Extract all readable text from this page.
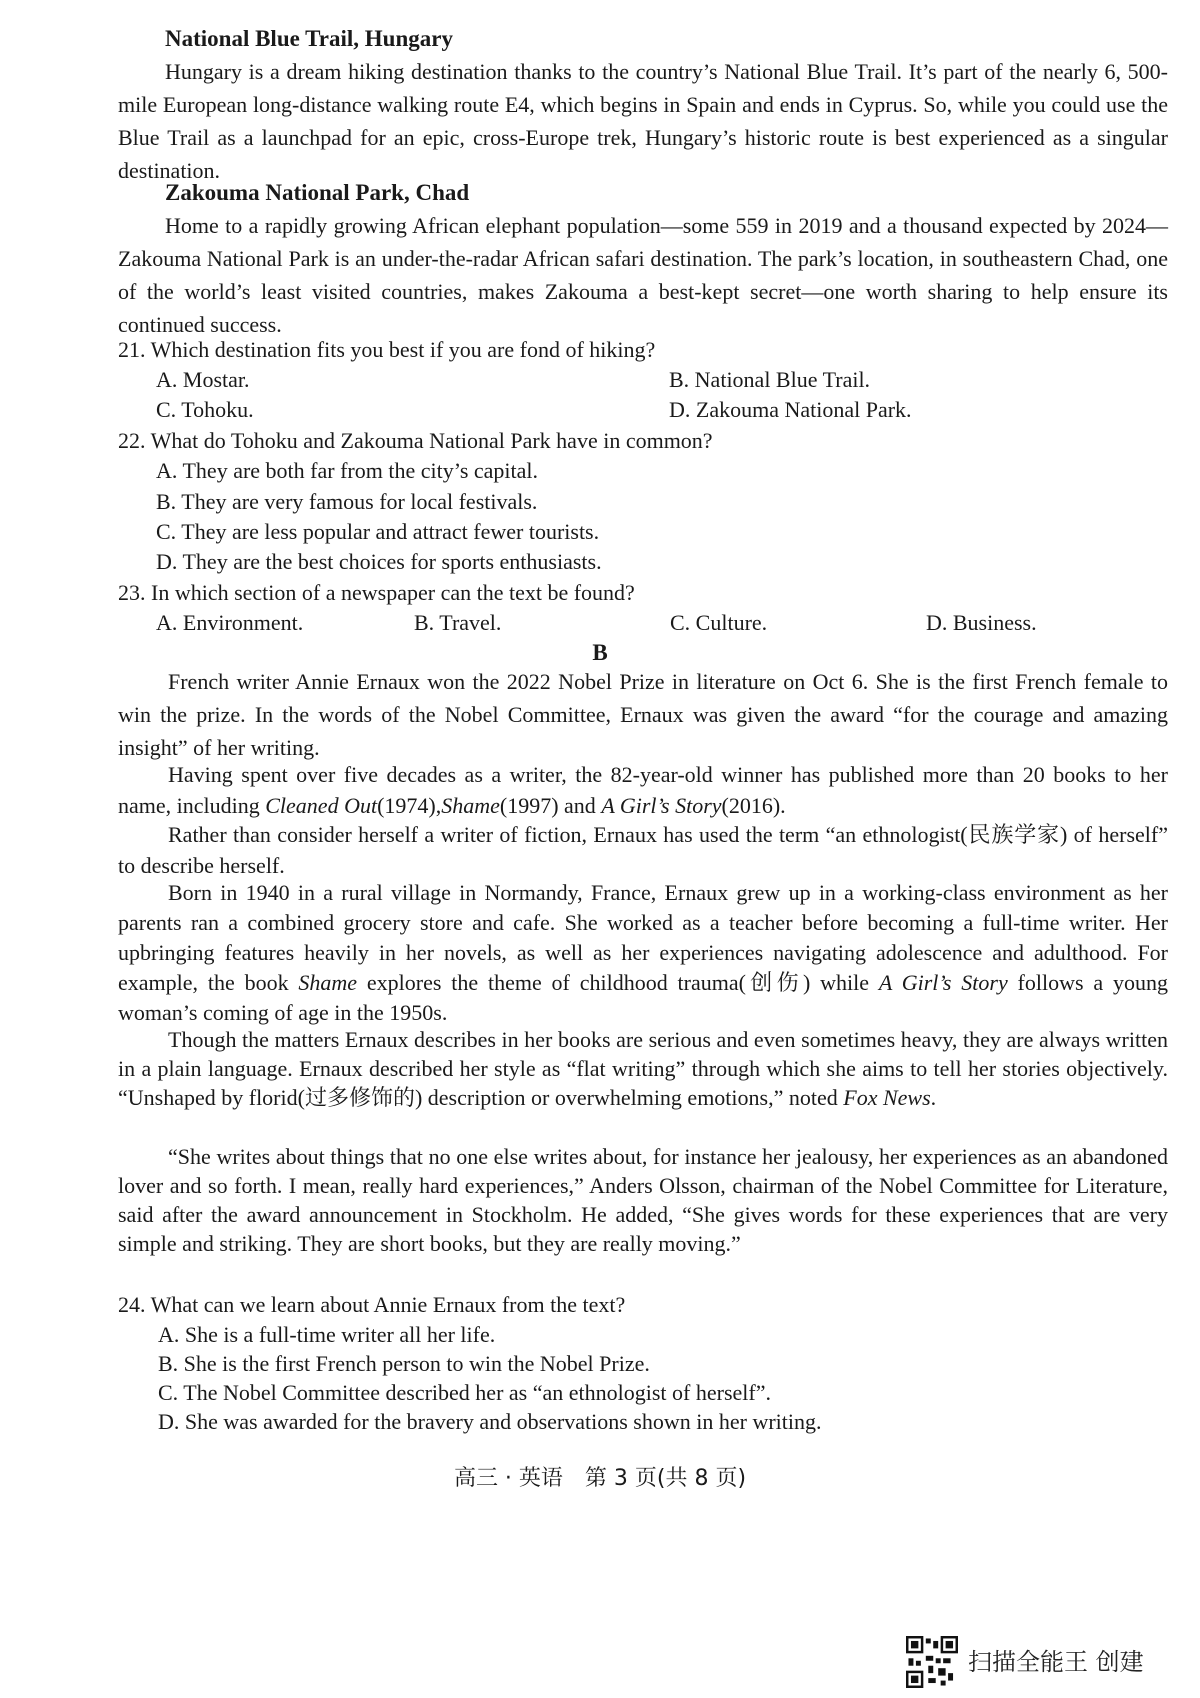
National Blue Trail, Hungary

Hungary is a dream hiking destination thanks to the country’s National Blue Trail. It’s part of the nearly 6, 500-mile European long-distance walking route E4, which begins in Spain and ends in Cyprus. So, while you could use the Blue Trail as a launchpad for an epic, cross-Europe trek, Hungary’s historic route is best experienced as a singular destination.

Zakouma National Park, Chad

Home to a rapidly growing African elephant population—some 559 in 2019 and a thousand expected by 2024—Zakouma National Park is an under-the-radar African safari destination. The park’s location, in southeastern Chad, one of the world’s least visited countries, makes Zakouma a best-kept secret—one worth sharing to help ensure its continued success.

21. Which destination fits you best if you are fond of hiking?
A. Mostar.	B. National Blue Trail.
C. Tohoku.	D. Zakouma National Park.
22. What do Tohoku and Zakouma National Park have in common?
A. They are both far from the city’s capital.
B. They are very famous for local festivals.
C. They are less popular and attract fewer tourists.
D. They are the best choices for sports enthusiasts.
23. In which section of a newspaper can the text be found?
A. Environment.	B. Travel.	C. Culture.	D. Business.
B

French writer Annie Ernaux won the 2022 Nobel Prize in literature on Oct 6. She is the first French female to win the prize. In the words of the Nobel Committee, Ernaux was given the award “for the courage and amazing insight” of her writing.

Having spent over five decades as a writer, the 82-year-old winner has published more than 20 books to her name, including Cleaned Out(1974),Shame(1997) and A Girl’s Story(2016).

Rather than consider herself a writer of fiction, Ernaux has used the term “an ethnologist(民族学家) of herself” to describe herself.

Born in 1940 in a rural village in Normandy, France, Ernaux grew up in a working-class environment as her parents ran a combined grocery store and cafe. She worked as a teacher before becoming a full-time writer. Her upbringing features heavily in her novels, as well as her experiences navigating adolescence and adulthood. For example, the book Shame explores the theme of childhood trauma(创伤) while A Girl’s Story follows a young woman’s coming of age in the 1950s.

Though the matters Ernaux describes in her books are serious and even sometimes heavy, they are always written in a plain language. Ernaux described her style as “flat writing” through which she aims to tell her stories objectively. “Unshaped by florid(过多修饰的) description or overwhelming emotions,” noted Fox News.

“She writes about things that no one else writes about, for instance her jealousy, her experiences as an abandoned lover and so forth. I mean, really hard experiences,” Anders Olsson, chairman of the Nobel Committee for Literature, said after the award announcement in Stockholm. He added, “She gives words for these experiences that are very simple and striking. They are short books, but they are really moving.”

24. What can we learn about Annie Ernaux from the text?
A. She is a full-time writer all her life.
B. She is the first French person to win the Nobel Prize.
C. The Nobel Committee described her as “an ethnologist of herself”.
D. She was awarded for the bravery and observations shown in her writing.
高三 · 英语　第 3 页(共 8 页)
扫描全能王 创建
